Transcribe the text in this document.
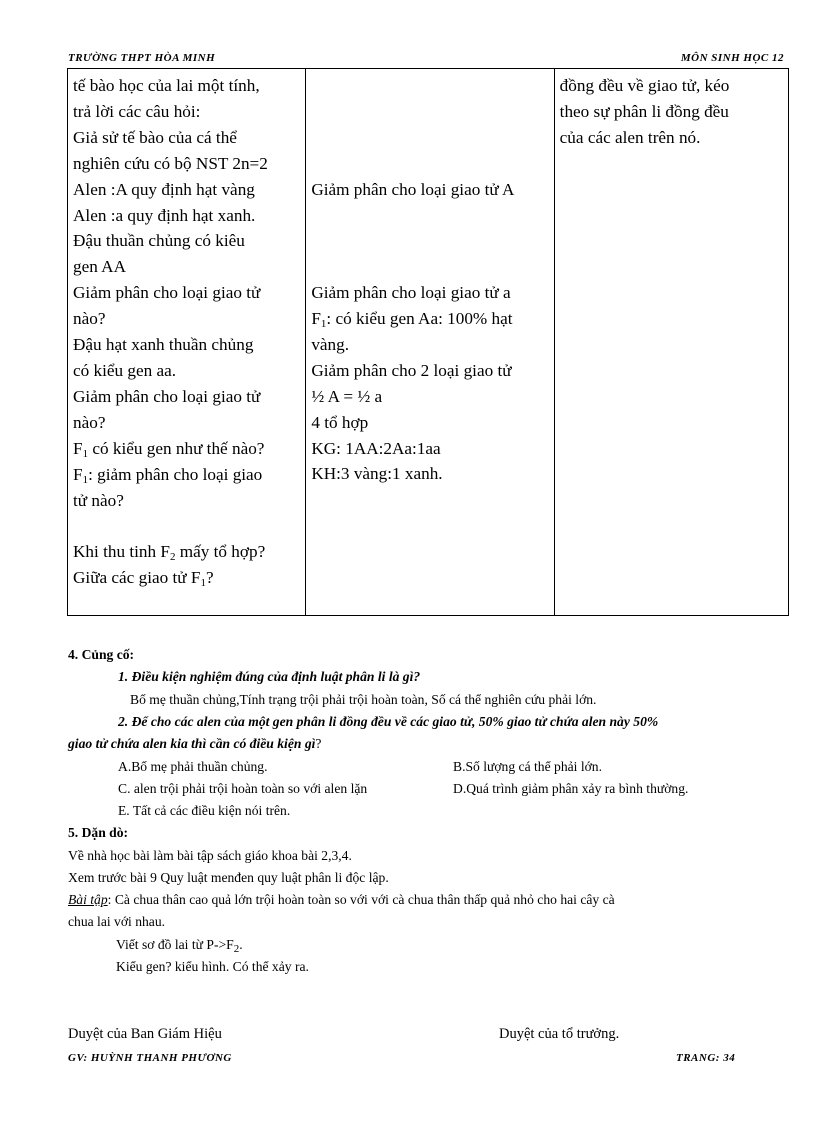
TRƯỜNG THPT HÒA MINH	MÔN SINH HỌC 12
tế bào học của lai một tính,
trả lời các câu hỏi:
Giả sử tế bào của cá thể
nghiên cứu có bộ NST 2n=2
Alen :A quy định hạt vàng
Alen :a quy định hạt xanh.
Đậu thuần chủng có kiêu
gen AA
Giảm phân cho loại giao tử
nào?
Đậu hạt xanh thuần chủng
có kiểu gen aa.
Giảm phân cho loại giao tử
nào?
$F_1$ có kiểu gen như thế nào?
$F_1$: giảm phân cho loại giao
tử nào?
Khi thu tinh $F_2$ mấy tổ hợp?
Giữa các giao tử $F_1$?

Giảm phân cho loại giao tử A
Giảm phân cho loại giao tử a
$F_1$: có kiểu gen Aa: 100% hạt
vàng.
Giảm phân cho 2 loại giao tử
½ A = ½ a
4 tổ hợp
KG: 1AA:2Aa:1aa
KH:3 vàng:1 xanh.

đồng đều về giao tử, kéo
theo sự phân li đồng đều
của các alen trên nó.
4. Củng cố:
1. Điều kiện nghiệm đúng của định luật phân li là gì?
Bố mẹ thuần chủng,Tính trạng trội phải trội hoàn toàn, Số cá thể nghiên cứu phải lớn.
2. Để cho các alen của một gen phân li đồng đều về các giao tử, 50% giao tử chứa alen này 50%
giao tử chứa alen kia thì cần có điều kiện gì?
A.Bố mẹ phải thuần chủng.	B.Số lượng cá thể phải lớn.
C. alen trội phải trội hoàn toàn so với alen lặn	D.Quá trình giảm phân xảy ra bình thường.
E. Tất cả các điều kiện nói trên.
5. Dặn dò:
Về nhà học bài làm bài tập sách giáo khoa bài 2,3,4.
Xem trước bài 9 Quy luật menđen quy luật phân li độc lập.
Bài tập: Cà chua thân cao quả lớn trội hoàn toàn so với với cà chua thân thấp quả nhỏ cho hai cây cà
chua lai với nhau.
Viết sơ đồ lai từ $P->F_2$.
Kiểu gen? kiểu hình. Có thể xảy ra.
Duyệt của Ban Giám Hiệu	Duyệt của tổ trưởng.
GV: HUỲNH THANH PHƯƠNG	TRANG: 34
